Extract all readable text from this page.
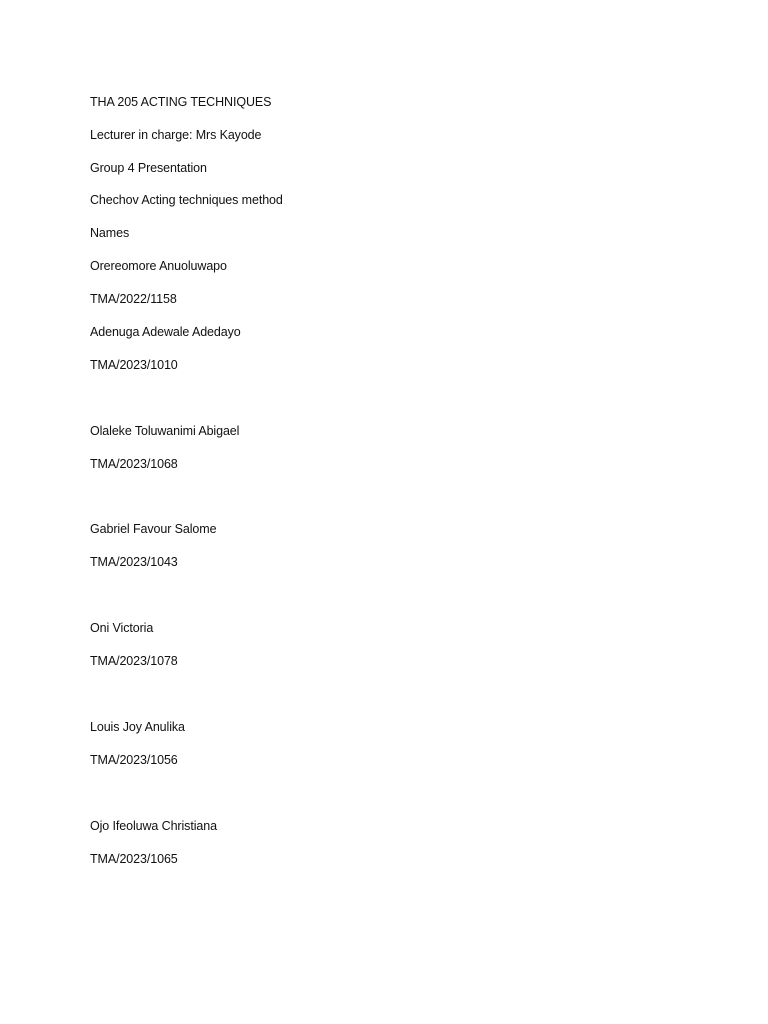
THA 205 ACTING TECHNIQUES
Lecturer in charge: Mrs Kayode
Group 4 Presentation
Chechov Acting techniques method
Names
Orereomore Anuoluwapo
TMA/2022/1158
Adenuga Adewale Adedayo
TMA/2023/1010
Olaleke Toluwanimi Abigael
TMA/2023/1068
Gabriel Favour Salome
TMA/2023/1043
Oni Victoria
TMA/2023/1078
Louis Joy Anulika
TMA/2023/1056
Ojo Ifeoluwa Christiana
TMA/2023/1065
